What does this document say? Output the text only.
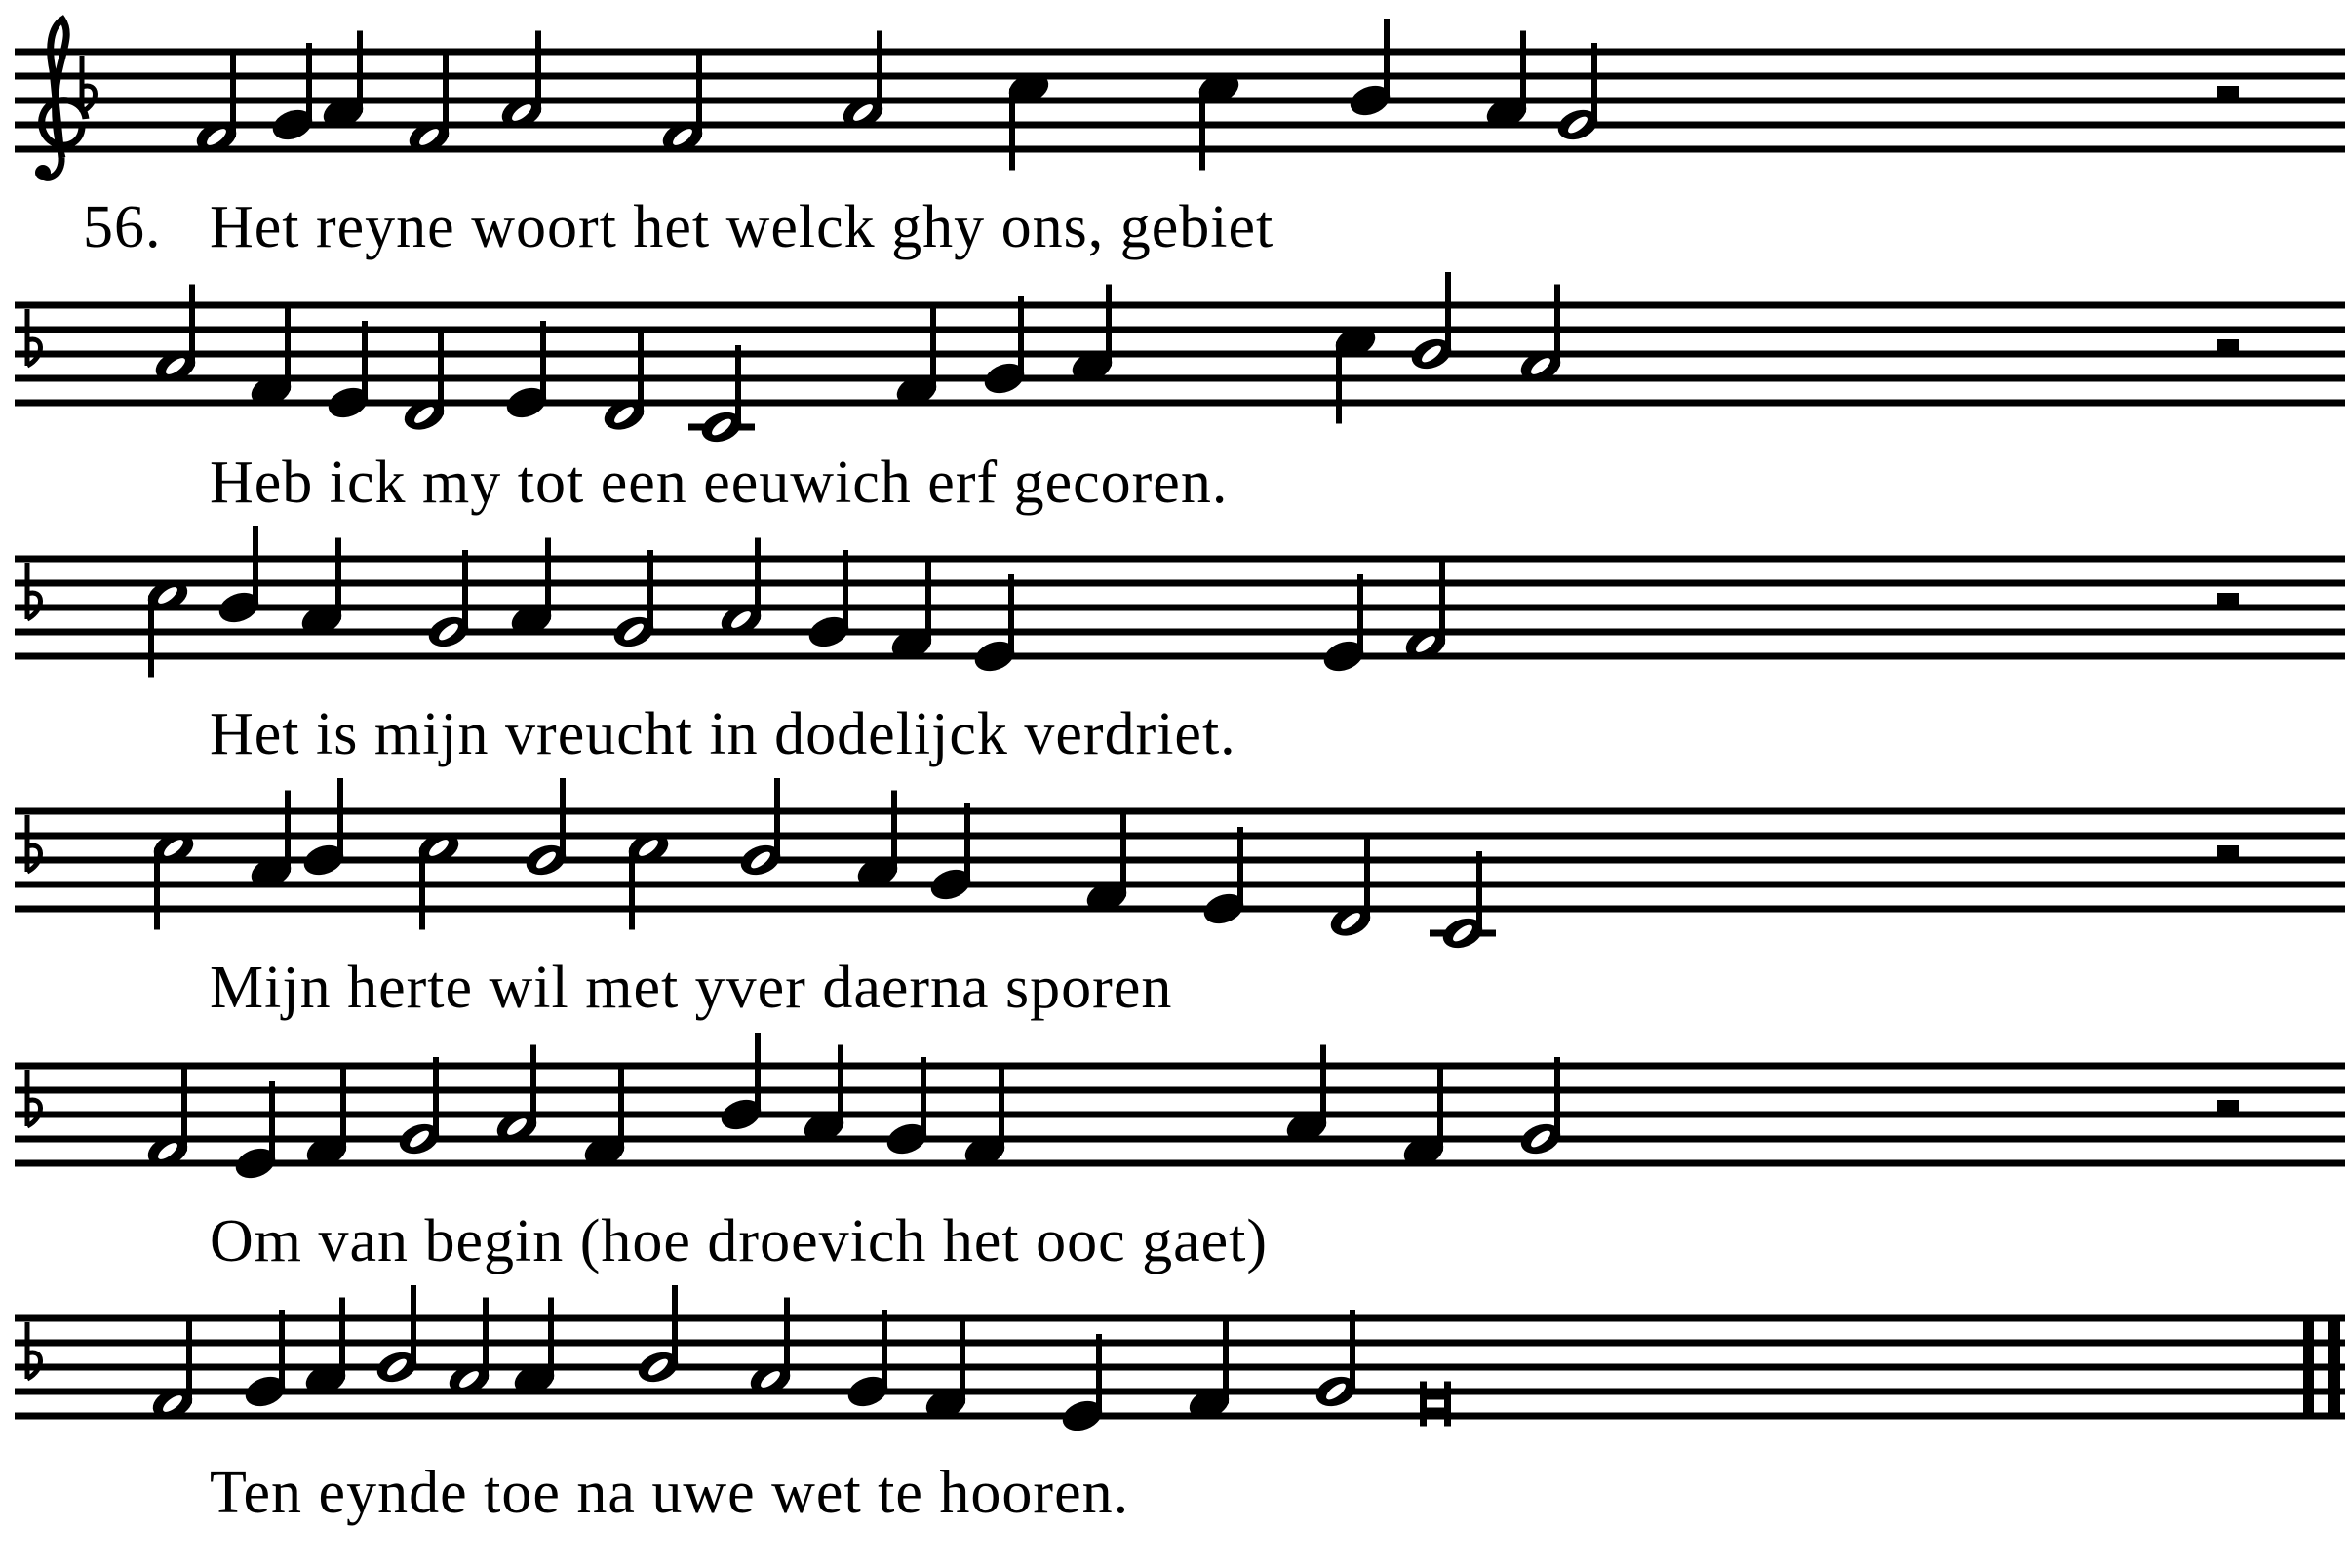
56. Het reyne woort het welck ghy ons, gebiet
Heb ick my tot een eeuwich erf gecoren.
Het is mijn vreucht in dodelijck verdriet.
Mijn herte wil met yver daerna sporen
Om van begin (hoe droevich het ooc gaet)
Ten eynde toe na uwe wet te hooren.
